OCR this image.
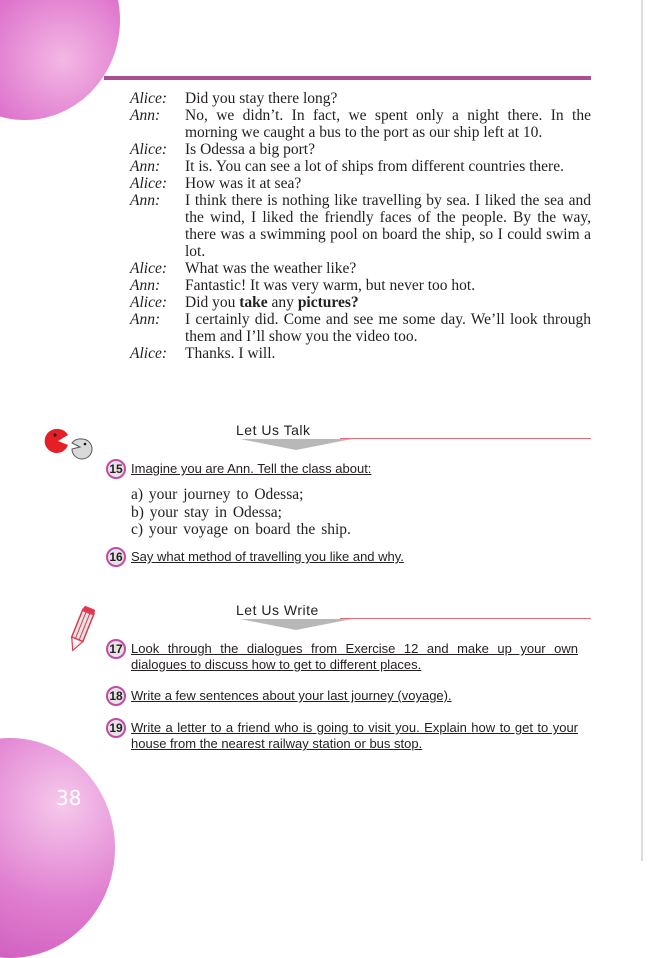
38
Alice:	Did you stay there long?
Ann:	No, we didn’t. In fact, we spent only a night there. In the morning we caught a bus to the port as our ship left at 10.
Alice:	Is Odessa a big port?
Ann:	It is. You can see a lot of ships from different countries there.
Alice:	How was it at sea?
Ann:	I think there is nothing like travelling by sea. I liked the sea and the wind, I liked the friendly faces of the people. By the way, there was a swimming pool on board the ship, so I could swim a lot.
Alice:	What was the weather like?
Ann:	Fantastic! It was very warm, but never too hot.
Alice:	Did you take any pictures?
Ann:	I certainly did. Come and see me some day. We’ll look through them and I’ll show you the video too.
Alice:	Thanks. I will.
Let Us Talk
15 Imagine you are Ann. Tell the class about:
a) your journey to Odessa;
b) your stay in Odessa;
c) your voyage on board the ship.
16 Say what method of travelling you like and why.
Let Us Write
17 Look through the dialogues from Exercise 12 and make up your own dialogues to discuss how to get to different places.
18 Write a few sentences about your last journey (voyage).
19 Write a letter to a friend who is going to visit you. Explain how to get to your house from the nearest railway station or bus stop.
